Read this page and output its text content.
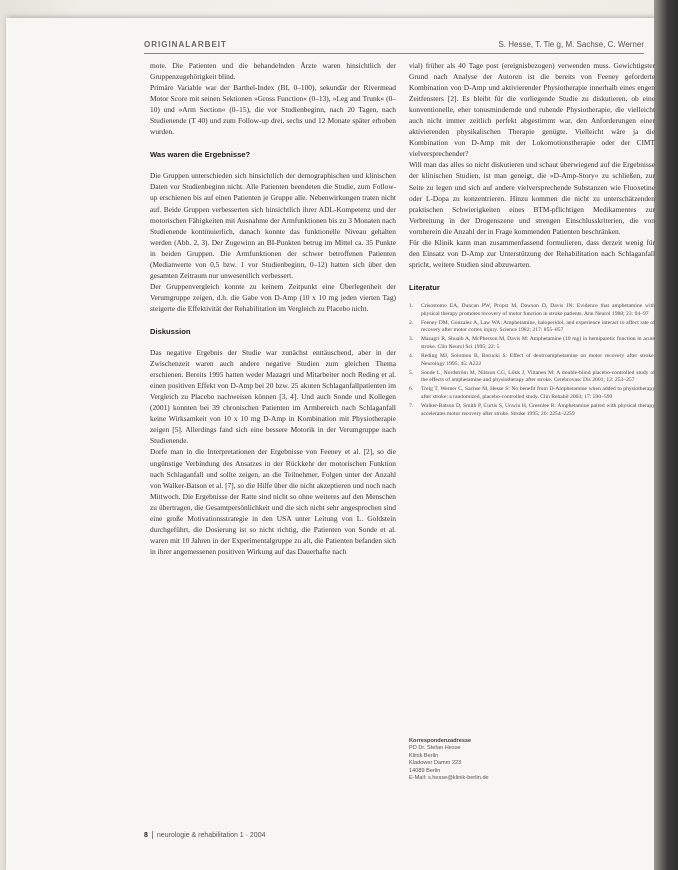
ORIGINALARBEIT	S. Hesse, T. Tie g, M. Sachse, C. Werner

mote. Die Patienten und die behandelnden Ärzte waren hinsichtlich der Gruppenzugehörigkeit blind.

Primäre Variable war der Barthel-Index (BI, 0–100), sekundär der Rivermead Motor Score mit seinen Sektionen »Gross Function« (0–13), »Leg and Trunk« (0–10) und »Arm Section« (0–15), die vor Studienbeginn, nach 20 Tagen, nach Studienende (T 40) und zum Follow-up drei, sechs und 12 Monate später erhoben wurden.

Was waren die Ergebnisse?

Die Gruppen unterschieden sich hinsichtlich der demographischen und klinischen Daten vor Studienbeginn nicht. Alle Patienten beendeten die Studie, zum Follow-up erschienen bis auf einen Patienten je Gruppe alle. Nebenwirkungen traten nicht auf. Beide Gruppen verbesserten sich hinsichtlich ihrer ADL-Kompetenz und der motorischen Fähigkeiten mit Ausnahme der Armfunktionen bis zu 3 Monaten nach Studienende kontinuierlich, danach konnte das funktionelle Niveau gehalten werden (Abb. 2, 3). Der Zugewinn an BI-Punkten betrug im Mittel ca. 35 Punkte in beiden Gruppen. Die Armfunktionen der schwer betroffenen Patienten (Medianwerte von 0,5 bzw. 1 vor Studienbeginn, 0–12) hatten sich über den gesamten Zeitraum nur unwesentlich verbessert.

Der Gruppenvergleich konnte zu keinem Zeitpunkt eine Überlegenheit der Verumgruppe zeigen, d.h. die Gabe von D-Amp (10 x 10 mg jeden vierten Tag) steigerte die Effektivität der Rehabilitation im Vergleich zu Placebo nicht.

Diskussion

Das negative Ergebnis der Studie war zunächst enttäuschend, aber in der Zwischenzeit waren auch andere negative Studien zum gleichen Thema erschienen. Bereits 1995 hatten weder Mazagri und Mitarbeiter noch Reding et al. einen positiven Effekt von D-Amp bei 20 bzw. 25 akuten Schlaganfallpatienten im Vergleich zu Placebo nachweisen können [3, 4]. Und auch Sonde und Kollegen (2001) konnten bei 39 chronischen Patienten im Armbereich nach Schlaganfall keine Wirksamkeit von 10 x 10 mg D-Amp in Kombination mit Physiotherapie zeigen [5]. Allerdings fand sich eine bessere Motorik in der Verumgruppe nach Studienende.

Dorfe man in die Interpretationen der Ergebnisse von Feeney et al. [2], so die ungünstige Verbindung des Ansatzes in der Rückkehr der motorischen Funktion nach Schlaganfall und sollte zeigen, an die Teilnehmer, Folgen unter der Anzahl von Walker-Batson et al. [7], so die Hilfe über die nicht akzeptieren und noch nach Mittwoch. Die Ergebnisse der Ratte sind nicht so ohne weiteres auf den Menschen zu übertragen, die Gesamtpersönlichkeit und die sich nicht sehr angesprochen sind eine große Motivationsstrategie in den USA unter Leitung von L. Goldstein durchgeführt, die Dosierung ist so nicht richtig, die Patienten von Sonde et al. waren mit 10 Jahren in der Experimentalgruppe zu alt, die Patienten befanden sich in ihrer angemessenen positiven Wirkung auf das Dauerhafte nach

vial) früher als 40 Tage post (ereignisbezogen) verwenden muss. Gewichtigster Grund nach Analyse der Autoren ist die bereits von Feeney geforderte Kombination von D-Amp und aktivierender Physiotherapie innerhalb eines engen Zeitfensters [2]. Es bleibt für die vorliegende Studie zu diskutieren, ob eine konventionelle, eher tonusmindernde und ruhende Physiotherapie, die vielleicht auch nicht immer zeitlich perfekt abgestimmt war, den Anforderungen einer aktivierenden physikalischen Therapie genügte. Vielleicht wäre ja die Kombination von D-Amp mit der Lokomotionstherapie oder der CIMT vielversprechender?

Will man das alles so nicht diskutieren und schaut überwiegend auf die Ergebnisse der klinischen Studien, ist man geneigt, die »D-Amp-Story« zu schließen, zur Seite zu legen und sich auf andere vielversprechende Substanzen wie Fluoxetine oder L-Dopa zu konzentrieren. Hinzu kommen die nicht zu unterschätzenden praktischen Schwierigkeiten eines BTM-pflichtigen Medikamentes zur Verbreitung in der Drogenszene und strengen Einschlusskriterien, die von vornherein die Anzahl der in Frage kommenden Patienten beschränken.

Für die Klinik kann man zusammenfassend formulieren, dass derzeit wenig für den Einsatz von D-Amp zur Unterstützung der Rehabilitation nach Schlaganfall spricht, weitere Studien sind abzuwarten.

Literatur
1. Crisostomo EA, Duncan PW, Propst M, Dawson D, Davis JN: Evidence that amphetamine with physical therapy promotes recovery of motor function in stroke patients. Ann Neurol 1988; 23: 94–97
2. Feeney DM, Gonzalez A, Law WA: Amphetamine, haloperidol, and experience interact to affect rate of recovery after motor cortex injury. Science 1982; 217: 855–857
3. Mazagri R, Shuaib A, McPherson M, Davis M: Amphetamine (10 mg) in hemiparetic function in acute stroke. Clin Neurol Sci 1995; 22: 5
4. Reding MJ, Solomon B, Borucki S: Effect of dextroamphetamine on motor recovery after stroke. Neurology 1995; 45: A222
5. Sonde L, Nordström M, Nilsson CG, Lökk J, Viitanen M: A double-blind placebo-controlled study of the effects of amphetamine and physiotherapy after stroke. Cerebrovasc Dis 2001; 12: 253–257
6. Treig T, Werner C, Sachse M, Hesse S: No benefit from D-Amphetamine when added to physiotherapy after stroke: a randomized, placebo-controlled study. Clin Rehabil 2003; 17: 590–599
7. Walker-Batson D, Smith P, Curtis S, Unwin H, Greenlee R: Amphetamine paired with physical therapy accelerates motor recovery after stroke. Stroke 1995; 26: 2254–2259
Korrespondenzadresse
PD Dr. Stefan Hesse
Klinik Berlin
Kladower Damm 223
14089 Berlin
E-Mail: s.hesse@klinik-berlin.de
8 neurologie & rehabilitation 1 · 2004
